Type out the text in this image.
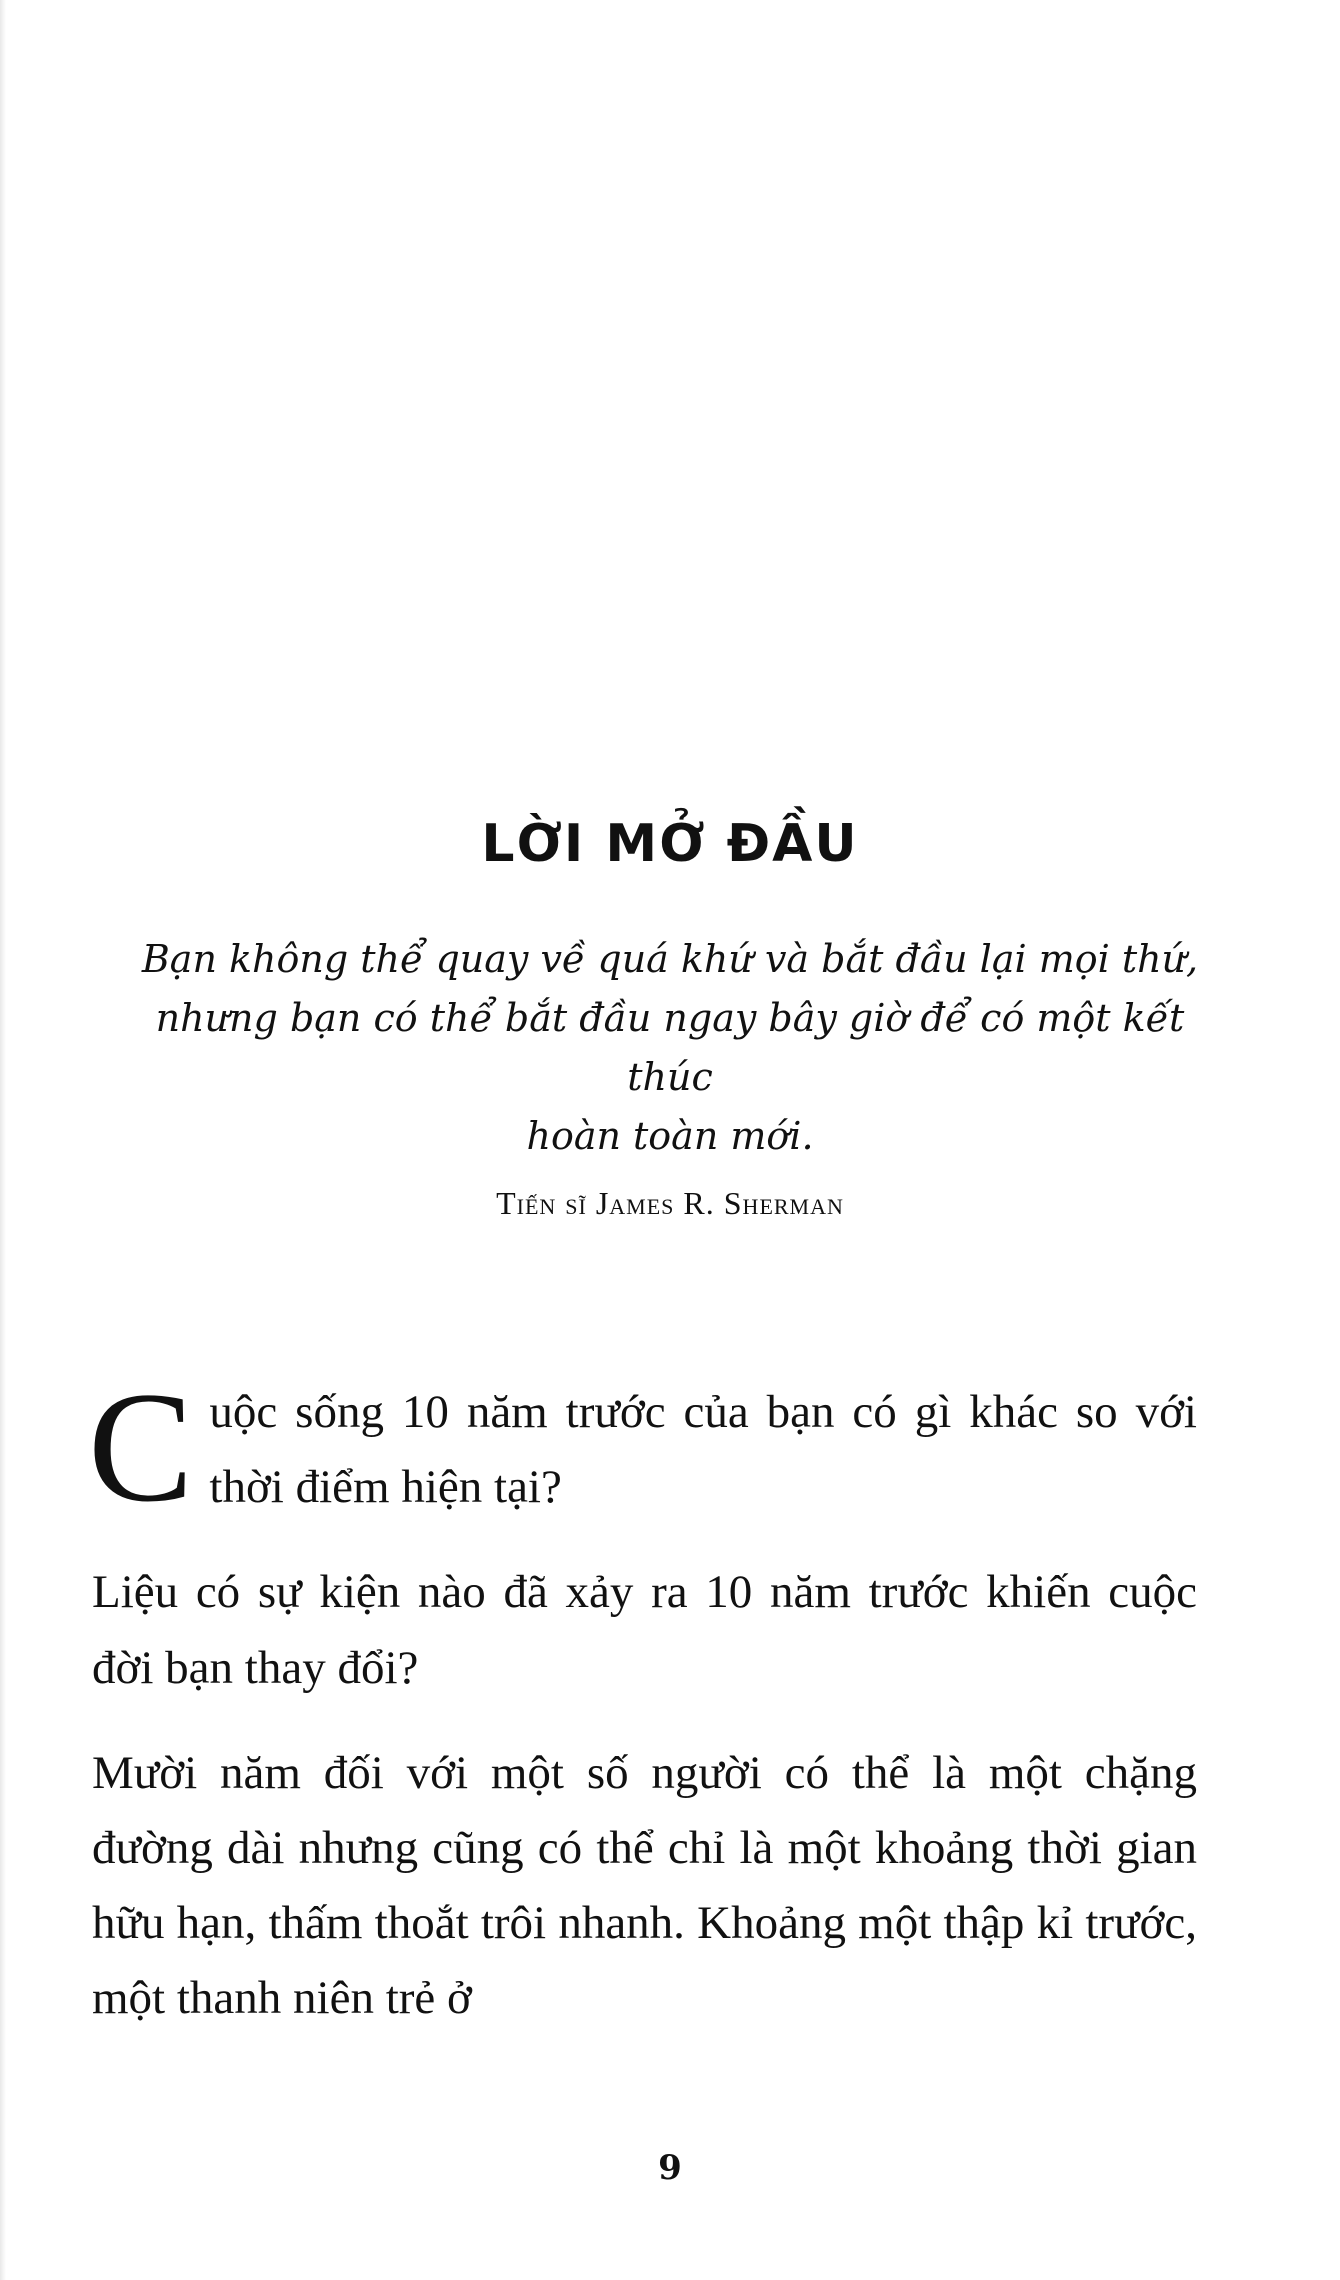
LỜI MỞ ĐẦU
Bạn không thể quay về quá khứ và bắt đầu lại mọi thứ,
nhưng bạn có thể bắt đầu ngay bây giờ để có một kết thúc
hoàn toàn mới.
Tiến sĩ James R. Sherman

Cuộc sống 10 năm trước của bạn có gì khác so với thời điểm hiện tại?

Liệu có sự kiện nào đã xảy ra 10 năm trước khiến cuộc đời bạn thay đổi?

Mười năm đối với một số người có thể là một chặng đường dài nhưng cũng có thể chỉ là một khoảng thời gian hữu hạn, thấm thoắt trôi nhanh. Khoảng một thập kỉ trước, một thanh niên trẻ ở

9
